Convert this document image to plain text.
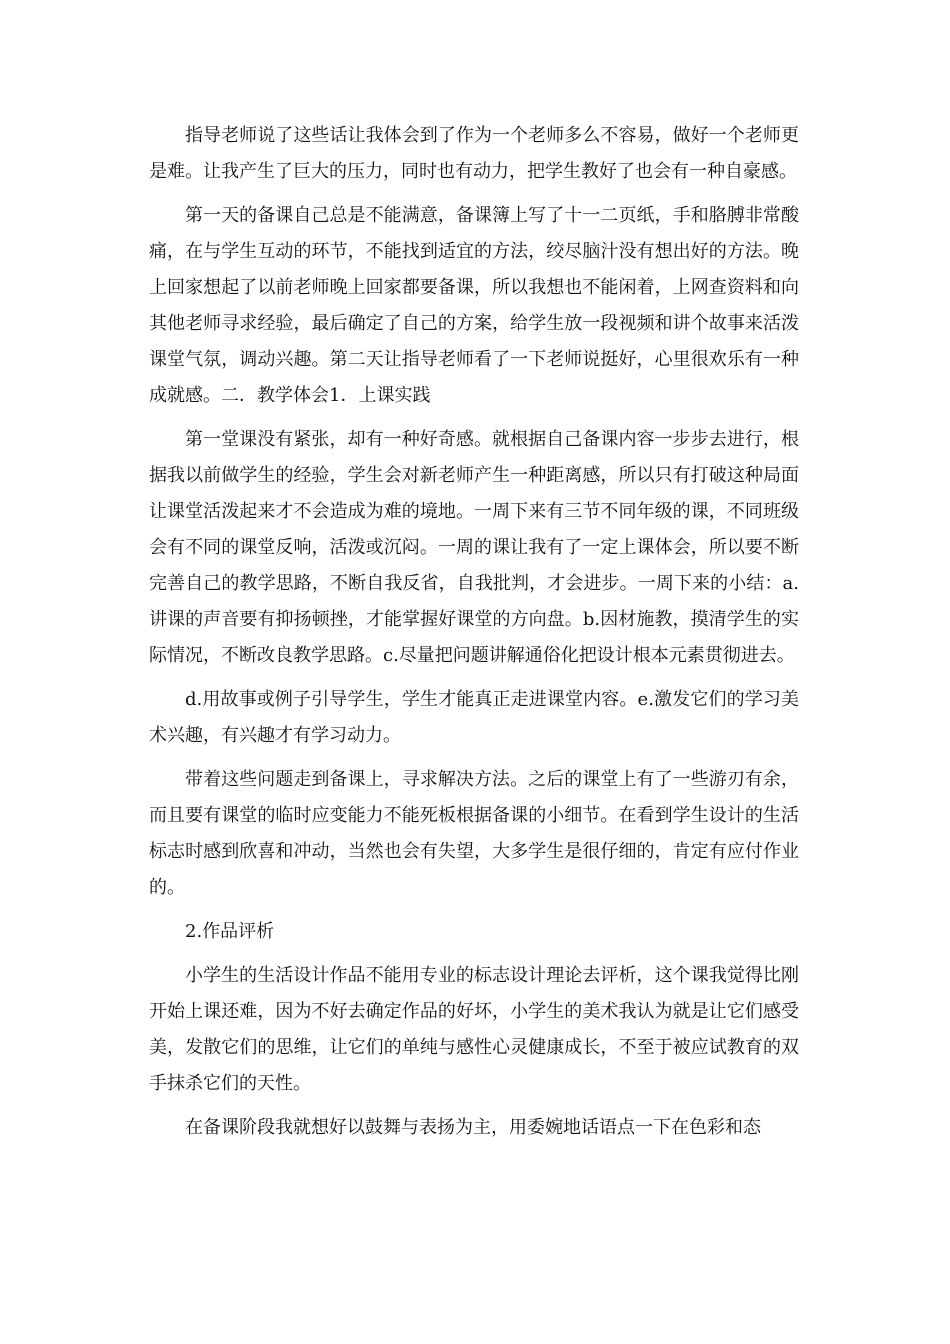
指导老师说了这些话让我体会到了作为一个老师多么不容易，做好一个老师更是难。让我产生了巨大的压力，同时也有动力，把学生教好了也会有一种自豪感。

第一天的备课自己总是不能满意，备课簿上写了十一二页纸，手和胳膊非常酸痛，在与学生互动的环节，不能找到适宜的方法，绞尽脑汁没有想出好的方法。晚上回家想起了以前老师晚上回家都要备课，所以我想也不能闲着，上网查资料和向其他老师寻求经验，最后确定了自己的方案，给学生放一段视频和讲个故事来活泼课堂气氛，调动兴趣。第二天让指导老师看了一下老师说挺好，心里很欢乐有一种成就感。二．教学体会1．上课实践

第一堂课没有紧张，却有一种好奇感。就根据自己备课内容一步步去进行，根据我以前做学生的经验，学生会对新老师产生一种距离感，所以只有打破这种局面让课堂活泼起来才不会造成为难的境地。一周下来有三节不同年级的课，不同班级会有不同的课堂反响，活泼或沉闷。一周的课让我有了一定上课体会，所以要不断完善自己的教学思路，不断自我反省，自我批判，才会进步。一周下来的小结：a.讲课的声音要有抑扬顿挫，才能掌握好课堂的方向盘。b.因材施教，摸清学生的实际情况，不断改良教学思路。c.尽量把问题讲解通俗化把设计根本元素贯彻进去。

d.用故事或例子引导学生，学生才能真正走进课堂内容。e.激发它们的学习美术兴趣，有兴趣才有学习动力。

带着这些问题走到备课上，寻求解决方法。之后的课堂上有了一些游刃有余，而且要有课堂的临时应变能力不能死板根据备课的小细节。在看到学生设计的生活标志时感到欣喜和冲动，当然也会有失望，大多学生是很仔细的，肯定有应付作业的。

2.作品评析

小学生的生活设计作品不能用专业的标志设计理论去评析，这个课我觉得比刚开始上课还难，因为不好去确定作品的好坏，小学生的美术我认为就是让它们感受美，发散它们的思维，让它们的单纯与感性心灵健康成长，不至于被应试教育的双手抹杀它们的天性。

在备课阶段我就想好以鼓舞与表扬为主，用委婉地话语点一下在色彩和态
